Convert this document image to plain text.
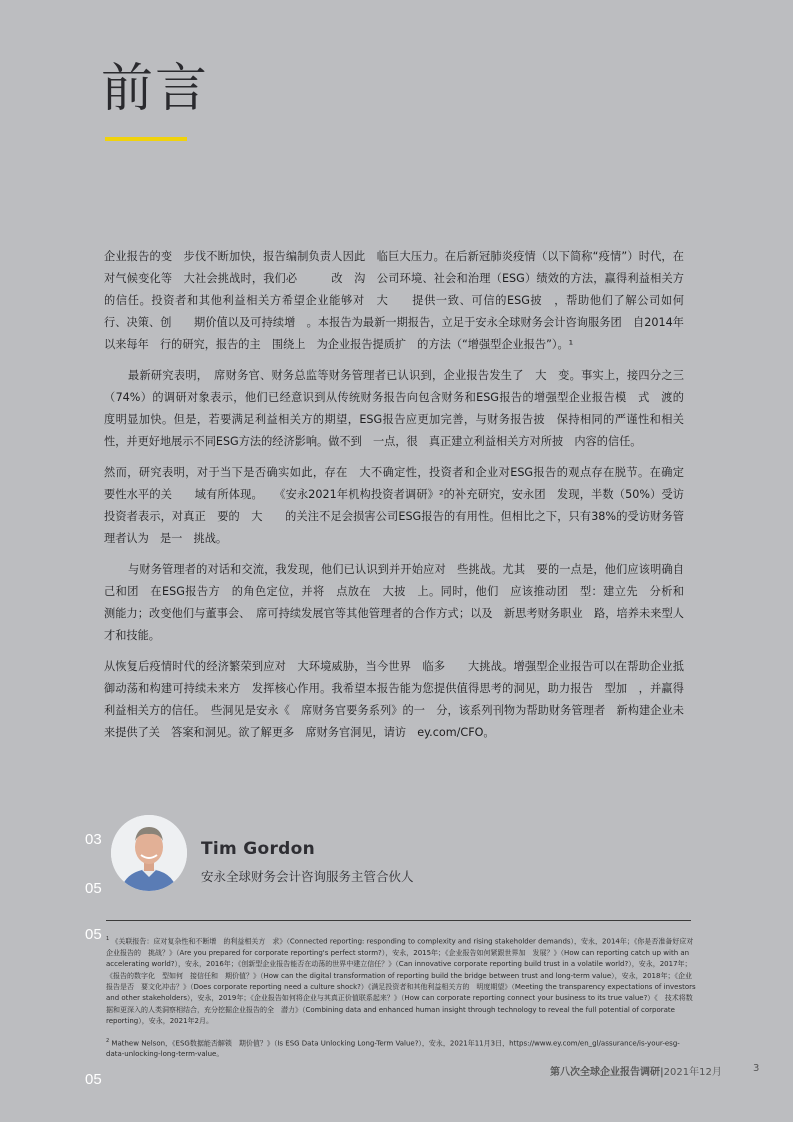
前言

企业报告的变　步伐不断加快，报告编制负责人因此　临巨大压力。在后新冠肺炎疫情（以下简称“疫情”）时代，在　对气候变化等　大社会挑战时，我们必　　　改　沟　公司环境、社会和治理（ESG）绩效的方法，赢得利益相关方的信任。投资者和其他利益相关方希望企业能够对　大　　提供一致、可信的ESG披　，帮助他们了解公司如何　行、决策、创　　期价值以及可持续增　。本报告为最新一期报告，立足于安永全球财务会计咨询服务团　自2014年以来每年　行的研究，报告的主　围绕上　为企业报告提质扩　的方法（“增强型企业报告”）。¹

最新研究表明，　席财务官、财务总监等财务管理者已认识到，企业报告发生了　大　变。事实上，接四分之三（74%）的调研对象表示，他们已经意识到从传统财务报告向包含财务和ESG报告的增强型企业报告模　式　渡的　度明显加快。但是，若要满足利益相关方的期望，ESG报告应更加完善，与财务报告披　保持相同的严谨性和相关性，并更好地展示不同ESG方法的经济影响。做不到　一点，很　真正建立利益相关方对所披　内容的信任。

然而，研究表明，对于当下是否确实如此，存在　大不确定性，投资者和企业对ESG报告的观点存在脱节。在确定　要性水平的关　　域有所体现。　　《安永2021年机构投资者调研》²的补充研究，安永团　发现，半数（50%）受访投资者表示，对真正　要的　大　　的关注不足会损害公司ESG报告的有用性。但相比之下，只有38%的受访财务管理者认为　是一　挑战。

与财务管理者的对话和交流，我发现，他们已认识到并开始应对　些挑战。尤其　要的一点是，他们应该明确自己和团　在ESG报告方　的角色定位，并将　点放在　大披　上。同时，他们　应该推动团　型：建立先　分析和　测能力；改变他们与董事会、　席可持续发展官等其他管理者的合作方式；以及　新思考财务职业　路，培养未来型人才和技能。

从恢复后疫情时代的经济繁荣到应对　大环境威胁，当今世界　临多　　大挑战。增强型企业报告可以在帮助企业抵御动荡和构建可持续未来方　发挥核心作用。我希望本报告能为您提供值得思考的洞见，助力报告　型加　，并赢得利益相关方的信任。　些洞见是安永《　席财务官要务系列》的一　分，该系列刊物为帮助财务管理者　新构建企业未来提供了关　答案和洞见。欲了解更多　席财务官洞见，请访　ey.com/CFO。

Tim Gordon
安永全球财务会计咨询服务主管合伙人
03
05
05
05

$^1$ 《关联报告：应对复杂性和不断增　的利益相关方　求》（Connected reporting: responding to complexity and rising stakeholder demands），安永，2014年；《你是否准备好应对企业报告的　挑战？》（Are you prepared for corporate reporting's perfect storm?），安永，2015年；《企业报告如何紧跟世界加　发展？》（How can reporting catch up with an accelerating world?），安永，2016年；《创新型企业报告能否在动荡的世界中建立信任？》（Can innovative corporate reporting build trust in a volatile world?），安永，2017年；《报告的数字化　型如何　接信任和　期价值？》（How can the digital transformation of reporting build the bridge between trust and long-term value），安永，2018年；《企业报告是否　要文化冲击？》（Does corporate reporting need a culture shock?）《满足投资者和其他利益相关方的　明度期望》（Meeting the transparency expectations of investors and other stakeholders），安永，2019年；《企业报告如何将企业与其真正价值联系起来？》（How can corporate reporting connect your business to its true value?）《　技术将数据和更深入的人类洞察相结合，充分挖掘企业报告的全　潜力》（Combining data and enhanced human insight through technology to reveal the full potential of corporate reporting），安永，2021年2月。

$^2$ Mathew Nelson，《ESG数据能否解锁　期价值？》（Is ESG Data Unlocking Long-Term Value?），安永，2021年11月3日，https://www.ey.com/en_gl/assurance/is-your-esg-data-unlocking-long-term-value。

第八次全球企业报告调研|2021年12月	3
